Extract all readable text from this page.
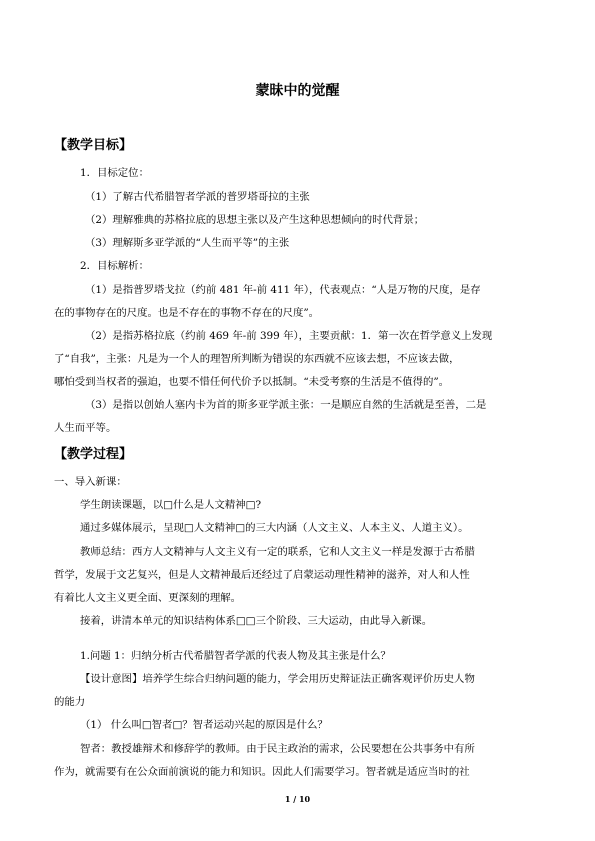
蒙昧中的觉醒
【教学目标】
1．目标定位：
（1）了解古代希腊智者学派的普罗塔哥拉的主张
（2）理解雅典的苏格拉底的思想主张以及产生这种思想倾向的时代背景；
（3）理解斯多亚学派的“人生而平等”的主张
2．目标解析：
（1）是指普罗塔戈拉（约前 481 年-前 411 年），代表观点：“人是万物的尺度，是存
在的事物存在的尺度。也是不存在的事物不存在的尺度”。
（2）是指苏格拉底（约前 469 年-前 399 年），主要贡献：1．第一次在哲学意义上发现
了“自我”，主张：凡是为一个人的理智所判断为错误的东西就不应该去想，不应该去做，
哪怕受到当权者的强迫，也要不惜任何代价予以抵制。“未受考察的生活是不值得的”。
（3）是指以创始人塞内卡为首的斯多亚学派主张：一是顺应自然的生活就是至善，二是
人生而平等。
【教学过程】
一、导入新课：
学生朗读课题，以□什么是人文精神□?
通过多媒体展示，呈现□人文精神□的三大内涵（人文主义、人本主义、人道主义）。
教师总结：西方人文精神与人文主义有一定的联系，它和人文主义一样是发源于古希腊
哲学，发展于文艺复兴，但是人文精神最后还经过了启蒙运动理性精神的滋养，对人和人性
有着比人文主义更全面、更深刻的理解。
接着，讲清本单元的知识结构体系□□三个阶段、三大运动，由此导入新课。
1.问题 1：归纳分析古代希腊智者学派的代表人物及其主张是什么？
【设计意图】培养学生综合归纳问题的能力，学会用历史辩证法正确客观评价历史人物
的能力
（1） 什么叫□智者□？智者运动兴起的原因是什么？
智者：教授雄辩术和修辞学的教师。由于民主政治的需求，公民要想在公共事务中有所
作为，就需要有在公众面前演说的能力和知识。因此人们需要学习。智者就是适应当时的社
1 / 10
